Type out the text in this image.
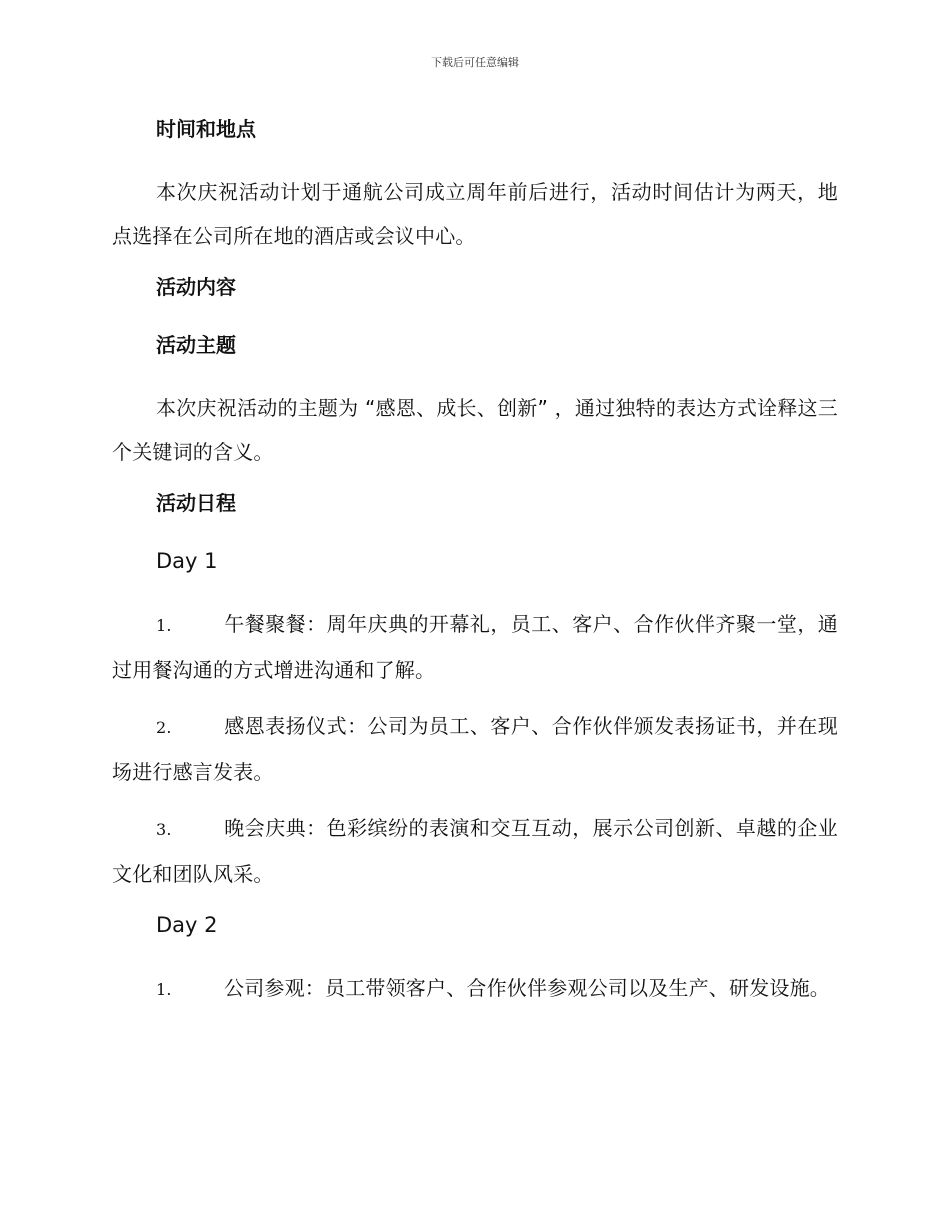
下载后可任意编辑
时间和地点

本次庆祝活动计划于通航公司成立周年前后进行，活动时间估计为两天，地点选择在公司所在地的酒店或会议中心。

活动内容
活动主题

本次庆祝活动的主题为 “感恩、成长、创新” ，通过独特的表达方式诠释这三个关键词的含义。

活动日程
Day 1

1.	午餐聚餐：周年庆典的开幕礼，员工、客户、合作伙伴齐聚一堂，通过用餐沟通的方式增进沟通和了解。

2.	感恩表扬仪式：公司为员工、客户、合作伙伴颁发表扬证书，并在现场进行感言发表。

3.	晚会庆典：色彩缤纷的表演和交互互动，展示公司创新、卓越的企业文化和团队风采。

Day 2

1.	公司参观：员工带领客户、合作伙伴参观公司以及生产、研发设施。
